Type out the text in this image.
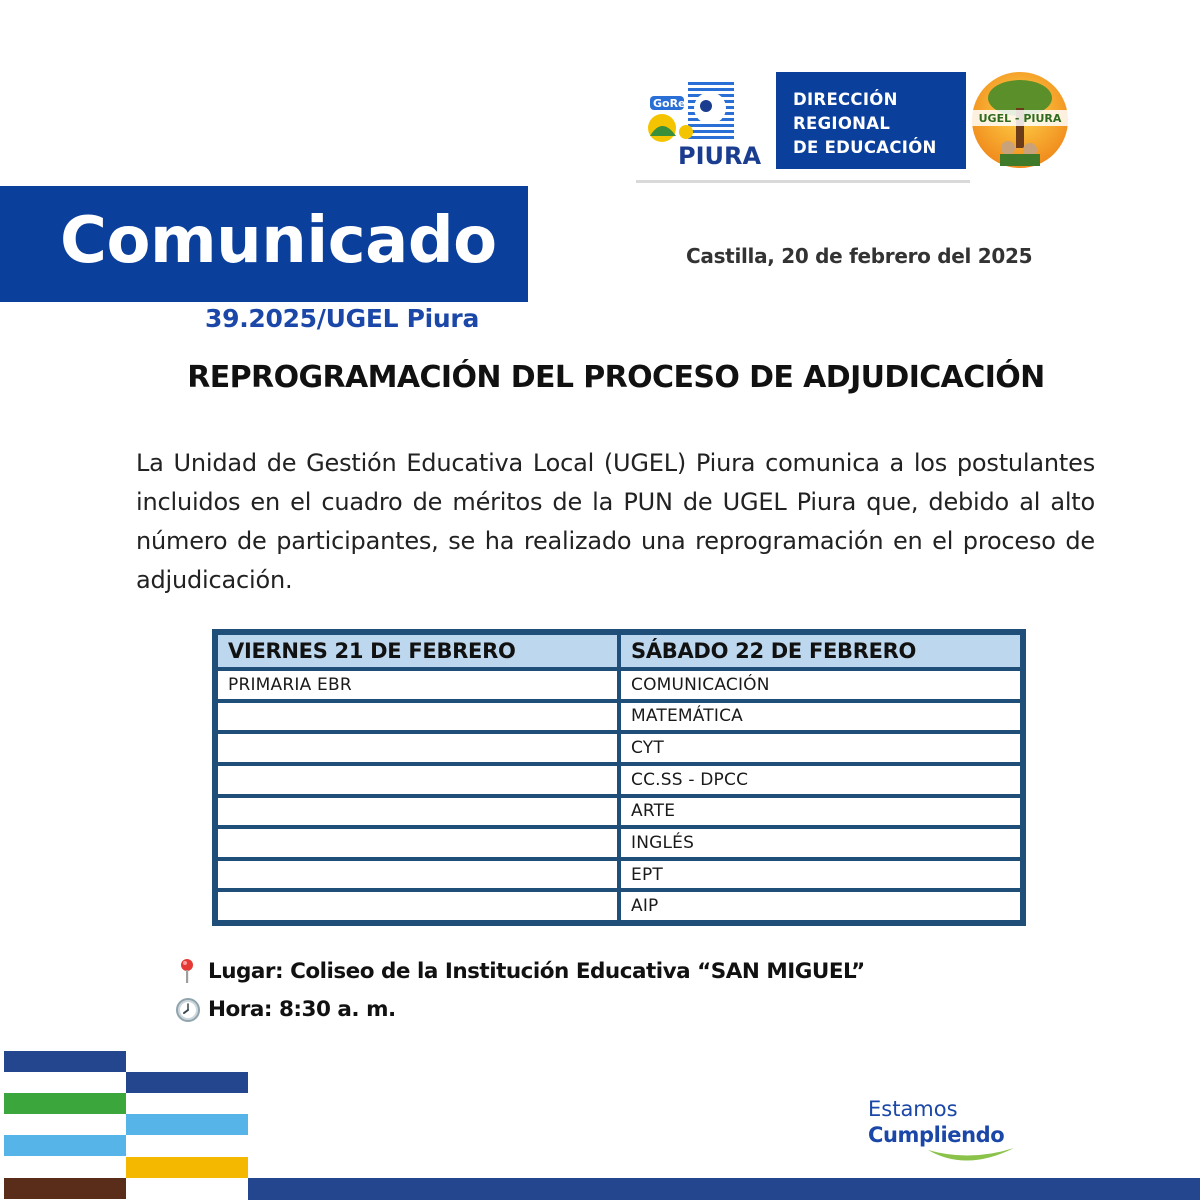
GoRe
PIURA
DIRECCIÓN
REGIONAL
DE EDUCACIÓN
UGEL - PIURA
Comunicado	Castilla, 20 de febrero del 2025
39.2025/UGEL Piura
REPROGRAMACIÓN DEL PROCESO DE ADJUDICACIÓN
La Unidad de Gestión Educativa Local (UGEL) Piura comunica a los postulantes incluidos en el cuadro de méritos de la PUN de UGEL Piura que, debido al alto número de participantes, se ha realizado una reprogramación en el proceso de adjudicación.
VIERNES 21 DE FEBRERO	SÁBADO 22 DE FEBRERO
PRIMARIA EBR	COMUNICACIÓN
	MATEMÁTICA
	CYT
	CC.SS - DPCC
	ARTE
	INGLÉS
	EPT
	AIP
Lugar: Coliseo de la Institución Educativa “SAN MIGUEL”
Hora: 8:30 a. m.
Estamos
Cumpliendo
